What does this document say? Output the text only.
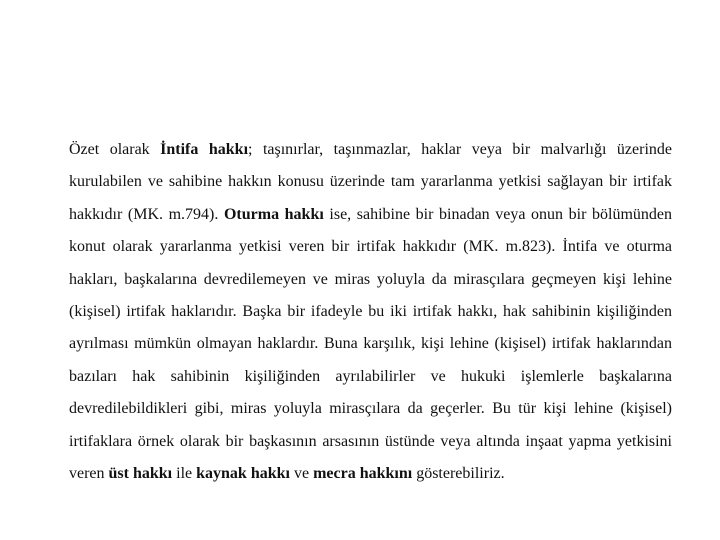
Özet olarak İntifa hakkı; taşınırlar, taşınmazlar, haklar veya bir malvarlığı üzerinde kurulabilen ve sahibine hakkın konusu üzerinde tam yararlanma yetkisi sağlayan bir irtifak hakkıdır (MK. m.794). Oturma hakkı ise, sahibine bir binadan veya onun bir bölümünden konut olarak yararlanma yetkisi veren bir irtifak hakkıdır (MK. m.823). İntifa ve oturma hakları, başkalarına devredilemeyen ve miras yoluyla da mirasçılara geçmeyen kişi lehine (kişisel) irtifak haklarıdır. Başka bir ifadeyle bu iki irtifak hakkı, hak sahibinin kişiliğinden ayrılması mümkün olmayan haklardır. Buna karşılık, kişi lehine (kişisel) irtifak haklarından bazıları hak sahibinin kişiliğinden ayrılabilirler ve hukuki işlemlerle başkalarına devredilebildikleri gibi, miras yoluyla mirasçılara da geçerler. Bu tür kişi lehine (kişisel) irtifaklara örnek olarak bir başkasının arsasının üstünde veya altında inşaat yapma yetkisini veren üst hakkı ile kaynak hakkı ve mecra hakkını gösterebiliriz.
